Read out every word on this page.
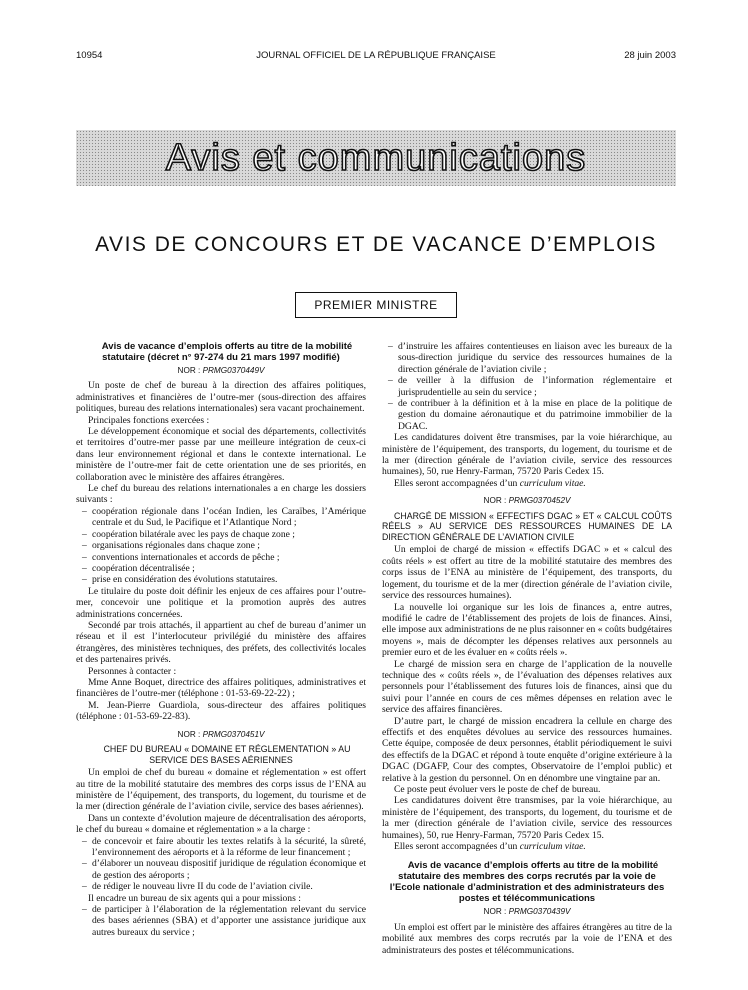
10954	JOURNAL OFFICIEL DE LA RÉPUBLIQUE FRANÇAISE	28 juin 2003
Avis et communications
AVIS DE CONCOURS ET DE VACANCE D’EMPLOIS
PREMIER MINISTRE

Avis de vacance d’emplois offerts au titre de la mobilité statutaire (décret n° 97-274 du 21 mars 1997 modifié)

NOR : PRMG0370449V

Un poste de chef de bureau à la direction des affaires politiques, administratives et financières de l’outre-mer (sous-direction des affaires politiques, bureau des relations internationales) sera vacant prochainement.

Principales fonctions exercées :

Le développement économique et social des départements, collectivités et territoires d’outre-mer passe par une meilleure intégration de ceux-ci dans leur environnement régional et dans le contexte international. Le ministère de l’outre-mer fait de cette orientation une de ses priorités, en collaboration avec le ministère des affaires étrangères.

Le chef du bureau des relations internationales a en charge les dossiers suivants :

– coopération régionale dans l’océan Indien, les Caraïbes, l’Amérique centrale et du Sud, le Pacifique et l’Atlantique Nord ;
– coopération bilatérale avec les pays de chaque zone ;
– organisations régionales dans chaque zone ;
– conventions internationales et accords de pêche ;
– coopération décentralisée ;
– prise en considération des évolutions statutaires.

Le titulaire du poste doit définir les enjeux de ces affaires pour l’outre-mer, concevoir une politique et la promotion auprès des autres administrations concernées.

Secondé par trois attachés, il appartient au chef de bureau d’animer un réseau et il est l’interlocuteur privilégié du ministère des affaires étrangères, des ministères techniques, des préfets, des collectivités locales et des partenaires privés.

Personnes à contacter :

Mme Anne Boquet, directrice des affaires politiques, administratives et financières de l’outre-mer (téléphone : 01-53-69-22-22) ;

M. Jean-Pierre Guardiola, sous-directeur des affaires politiques (téléphone : 01-53-69-22-83).

NOR : PRMG0370451V

CHEF DU BUREAU « DOMAINE ET RÉGLEMENTATION » AU SERVICE DES BASES AÉRIENNES

Un emploi de chef du bureau « domaine et réglementation » est offert au titre de la mobilité statutaire des membres des corps issus de l’ENA au ministère de l’équipement, des transports, du logement, du tourisme et de la mer (direction générale de l’aviation civile, service des bases aériennes).

Dans un contexte d’évolution majeure de décentralisation des aéroports, le chef du bureau « domaine et réglementation » a la charge :

– de concevoir et faire aboutir les textes relatifs à la sécurité, la sûreté, l’environnement des aéroports et à la réforme de leur financement ;
– d’élaborer un nouveau dispositif juridique de régulation économique et de gestion des aéroports ;
– de rédiger le nouveau livre II du code de l’aviation civile.

Il encadre un bureau de six agents qui a pour missions :

– de participer à l’élaboration de la réglementation relevant du service des bases aériennes (SBA) et d’apporter une assistance juridique aux autres bureaux du service ;
– d’instruire les affaires contentieuses en liaison avec les bureaux de la sous-direction juridique du service des ressources humaines de la direction générale de l’aviation civile ;
– de veiller à la diffusion de l’information réglementaire et jurisprudentielle au sein du service ;
– de contribuer à la définition et à la mise en place de la politique de gestion du domaine aéronautique et du patrimoine immobilier de la DGAC.

Les candidatures doivent être transmises, par la voie hiérarchique, au ministère de l’équipement, des transports, du logement, du tourisme et de la mer (direction générale de l’aviation civile, service des ressources humaines), 50, rue Henry-Farman, 75720 Paris Cedex 15.

Elles seront accompagnées d’un curriculum vitae.

NOR : PRMG0370452V

CHARGÉ DE MISSION « EFFECTIFS DGAC » ET « CALCUL COÛTS RÉELS » AU SERVICE DES RESSOURCES HUMAINES DE LA DIRECTION GÉNÉRALE DE L’AVIATION CIVILE

Un emploi de chargé de mission « effectifs DGAC » et « calcul des coûts réels » est offert au titre de la mobilité statutaire des membres des corps issus de l’ENA au ministère de l’équipement, des transports, du logement, du tourisme et de la mer (direction générale de l’aviation civile, service des ressources humaines).

La nouvelle loi organique sur les lois de finances a, entre autres, modifié le cadre de l’établissement des projets de lois de finances. Ainsi, elle impose aux administrations de ne plus raisonner en « coûts budgétaires moyens », mais de décompter les dépenses relatives aux personnels au premier euro et de les évaluer en « coûts réels ».

Le chargé de mission sera en charge de l’application de la nouvelle technique des « coûts réels », de l’évaluation des dépenses relatives aux personnels pour l’établissement des futures lois de finances, ainsi que du suivi pour l’année en cours de ces mêmes dépenses en relation avec le service des affaires financières.

D’autre part, le chargé de mission encadrera la cellule en charge des effectifs et des enquêtes dévolues au service des ressources humaines. Cette équipe, composée de deux personnes, établit périodiquement le suivi des effectifs de la DGAC et répond à toute enquête d’origine extérieure à la DGAC (DGAFP, Cour des comptes, Observatoire de l’emploi public) et relative à la gestion du personnel. On en dénombre une vingtaine par an.

Ce poste peut évoluer vers le poste de chef de bureau.

Les candidatures doivent être transmises, par la voie hiérarchique, au ministère de l’équipement, des transports, du logement, du tourisme et de la mer (direction générale de l’aviation civile, service des ressources humaines), 50, rue Henry-Farman, 75720 Paris Cedex 15.

Elles seront accompagnées d’un curriculum vitae.

Avis de vacance d’emplois offerts au titre de la mobilité statutaire des membres des corps recrutés par la voie de l’Ecole nationale d’administration et des administrateurs des postes et télécommunications

NOR : PRMG0370439V

Un emploi est offert par le ministère des affaires étrangères au titre de la mobilité aux membres des corps recrutés par la voie de l’ENA et des administrateurs des postes et télécommunications.
